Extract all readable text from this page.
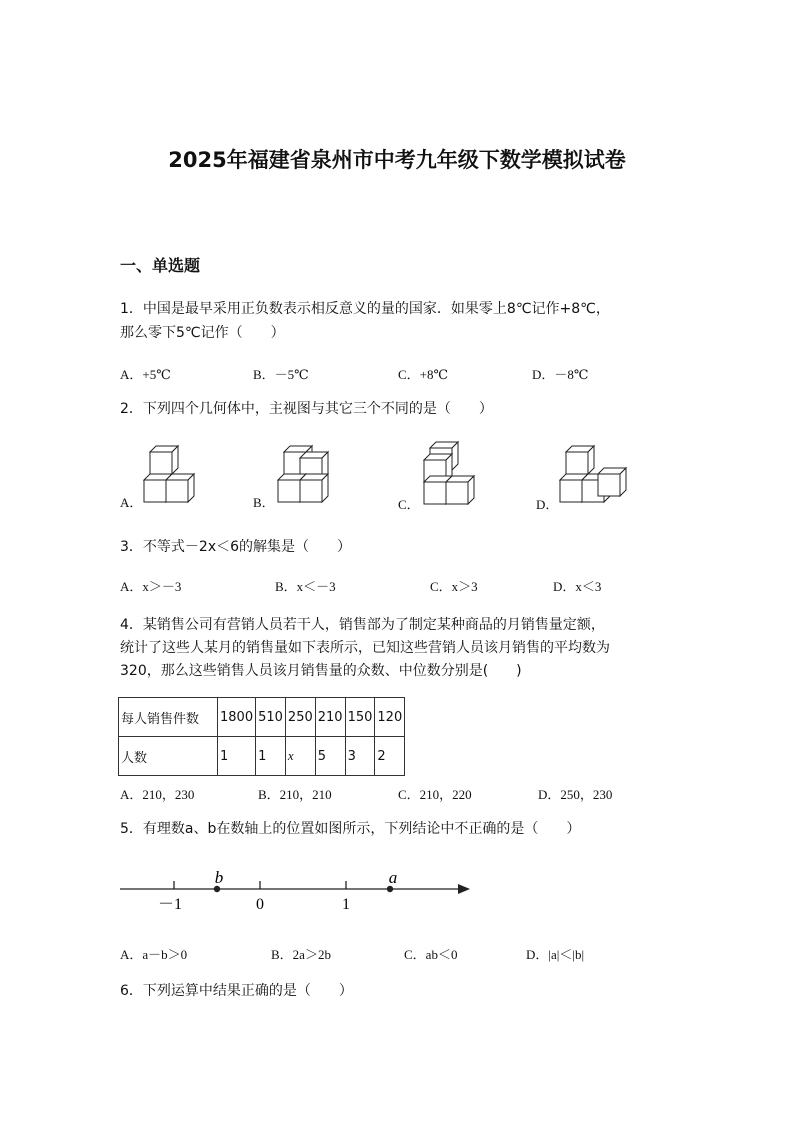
2025年福建省泉州市中考九年级下数学模拟试卷
一、单选题
1．中国是最早采用正负数表示相反意义的量的国家．如果零上8℃记作+8℃，
那么零下5℃记作（　　）
A．+5℃	B．－5℃	C．+8℃	D．－8℃
2．下列四个几何体中，主视图与其它三个不同的是（　　）
A．	B．	C．	D．
3．不等式－2x＜6的解集是（　　）
A．x＞－3	B．x＜－3	C．x＞3	D．x＜3
4．某销售公司有营销人员若干人，销售部为了制定某种商品的月销售量定额，
统计了这些人某月的销售量如下表所示，已知这些营销人员该月销售的平均数为
320，那么这些销售人员该月销售量的众数、中位数分别是(　　)
每人销售件数	1800	510	250	210	150	120
人数	1	1	x	5	3	2
A．210，230	B．210，210	C．210，220	D．250，230
5．有理数a、b在数轴上的位置如图所示，下列结论中不正确的是（　　）
－1	0	1
b	a
A．a－b＞0	B．2a＞2b	C．ab＜0	D．|a|＜|b|
6．下列运算中结果正确的是（　　）
